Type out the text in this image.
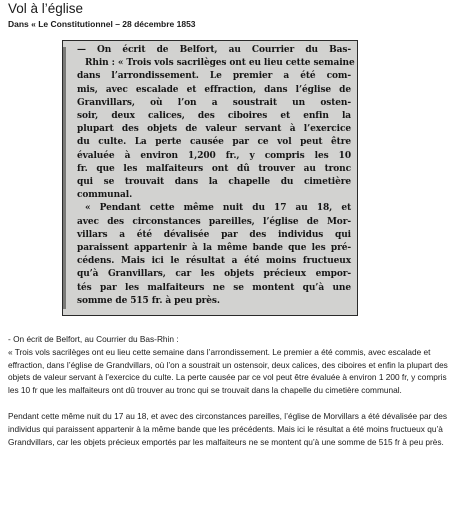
Vol à l’église

Dans « Le Constitutionnel – 28 décembre 1853

— On écrit de Belfort, au Courrier du Bas-
Rhin : « Trois vols sacrilèges ont eu lieu cette semaine
dans l’arrondissement. Le premier a été com-
mis, avec escalade et effraction, dans l’église de
Granvillars, où l’on a soustrait un osten-
soir, deux calices, des ciboires et enfin la
plupart des objets de valeur servant à l’exercice
du culte. La perte causée par ce vol peut être
évaluée à environ 1,200 fr., y compris les 10
fr. que les malfaiteurs ont dû trouver au tronc
qui se trouvait dans la chapelle du cimetière
communal.
« Pendant cette même nuit du 17 au 18, et
avec des circonstances pareilles, l’église de Mor-
villars a été dévalisée par des individus qui
paraissent appartenir à la même bande que les pré-
cédens. Mais ici le résultat a été moins fructueux
qu’à Granvillars, car les objets précieux empor-
tés par les malfaiteurs ne se montent qu’à une
somme de 515 fr. à peu près.

- On écrit de Belfort, au Courrier du Bas-Rhin :

« Trois vols sacrilèges ont eu lieu cette semaine dans l’arrondissement. Le premier a été commis, avec escalade et effraction, dans l’église de Grandvillars, où l’on a soustrait un ostensoir, deux calices, des ciboires et enfin la plupart des objets de valeur servant à l’exercice du culte. La perte causée par ce vol peut être évaluée à environ 1 200 fr, y compris les 10 fr que les malfaiteurs ont dû trouver au tronc qui se trouvait dans la chapelle du cimetière communal.

Pendant cette même nuit du 17 au 18, et avec des circonstances pareilles, l’église de Morvillars a été dévalisée par des individus qui paraissent appartenir à la même bande que les précédents. Mais ici le résultat a été moins fructueux qu’à Grandvillars, car les objets précieux emportés par les malfaiteurs ne se montent qu’à une somme de 515 fr à peu près.
